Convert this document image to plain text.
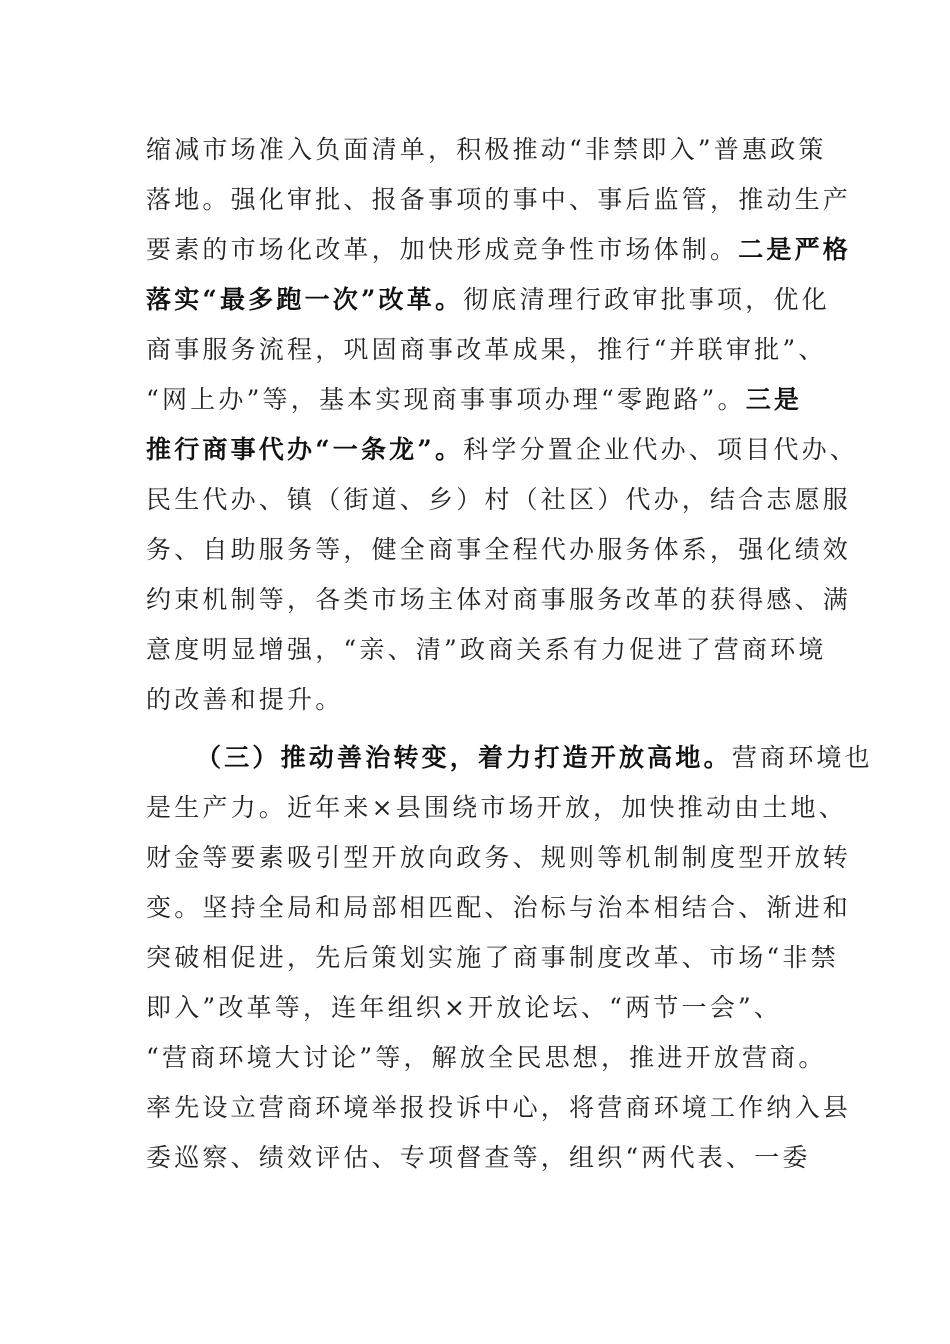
缩减市场准入负面清单，积极推动“非禁即入”普惠政策
落地。强化审批、报备事项的事中、事后监管，推动生产
要素的市场化改革，加快形成竞争性市场体制。二是严格
落实“最多跑一次”改革。彻底清理行政审批事项，优化
商事服务流程，巩固商事改革成果，推行“并联审批”、
“网上办”等，基本实现商事事项办理“零跑路”。三是
推行商事代办“一条龙”。科学分置企业代办、项目代办、
民生代办、镇（街道、乡）村（社区）代办，结合志愿服
务、自助服务等，健全商事全程代办服务体系，强化绩效
约束机制等，各类市场主体对商事服务改革的获得感、满
意度明显增强，“亲、清”政商关系有力促进了营商环境
的改善和提升。
（三）推动善治转变，着力打造开放高地。营商环境也
是生产力。近年来×县围绕市场开放，加快推动由土地、
财金等要素吸引型开放向政务、规则等机制制度型开放转
变。坚持全局和局部相匹配、治标与治本相结合、渐进和
突破相促进，先后策划实施了商事制度改革、市场“非禁
即入”改革等，连年组织×开放论坛、“两节一会”、
“营商环境大讨论”等，解放全民思想，推进开放营商。
率先设立营商环境举报投诉中心，将营商环境工作纳入县
委巡察、绩效评估、专项督查等，组织“两代表、一委
